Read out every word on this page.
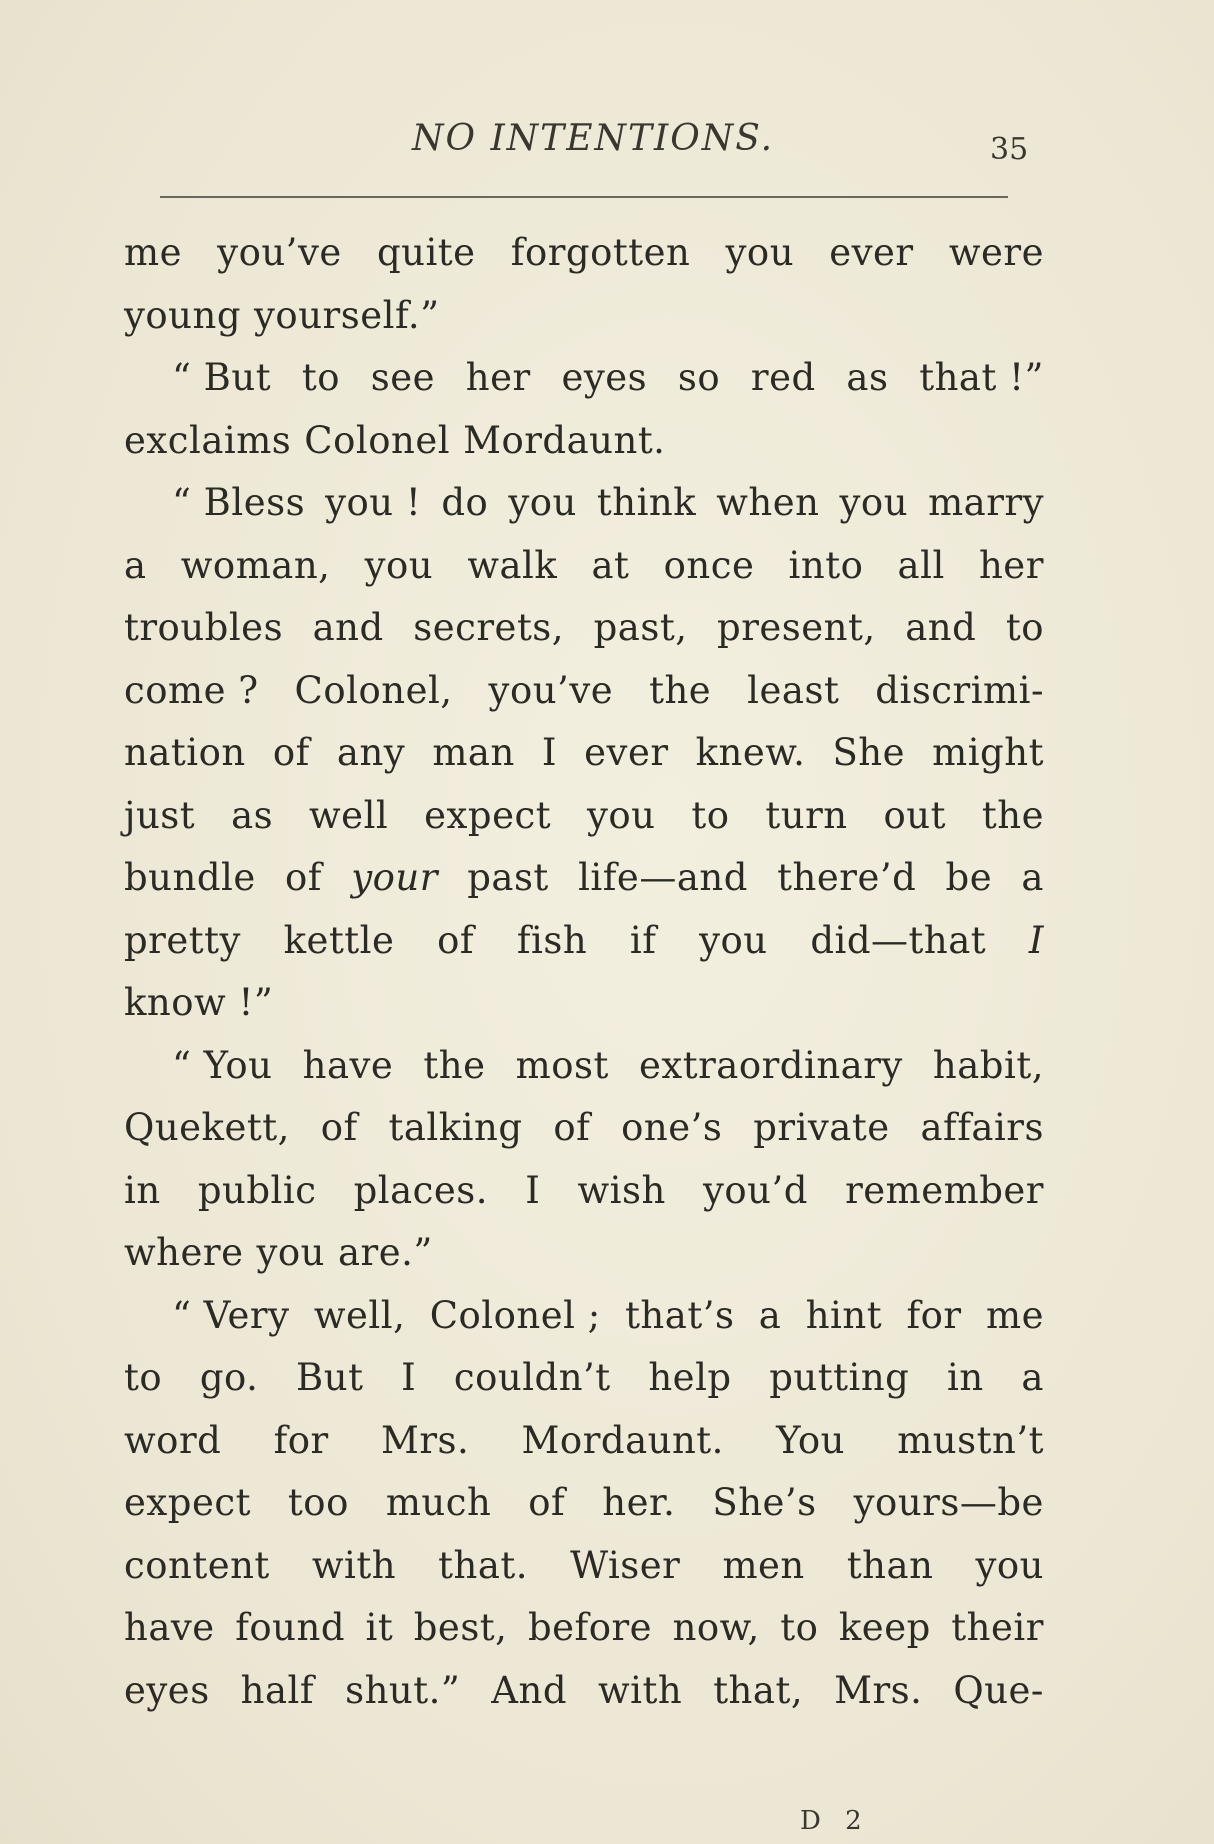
NO INTENTIONS.	35
me you’ve quite forgotten you ever were
young yourself.”
“ But to see her eyes so red as that !”
exclaims Colonel Mordaunt.
“ Bless you ! do you think when you marry
a woman, you walk at once into all her
troubles and secrets, past, present, and to
come ? Colonel, you’ve the least discrimi-
nation of any man I ever knew. She might
just as well expect you to turn out the
bundle of your past life—and there’d be a
pretty kettle of fish if you did—that I
know !”
“ You have the most extraordinary habit,
Quekett, of talking of one’s private affairs
in public places. I wish you’d remember
where you are.”
“ Very well, Colonel ; that’s a hint for me
to go. But I couldn’t help putting in a
word for Mrs. Mordaunt. You mustn’t
expect too much of her. She’s yours—be
content with that. Wiser men than you
have found it best, before now, to keep their
eyes half shut.” And with that, Mrs. Que-
D 2
